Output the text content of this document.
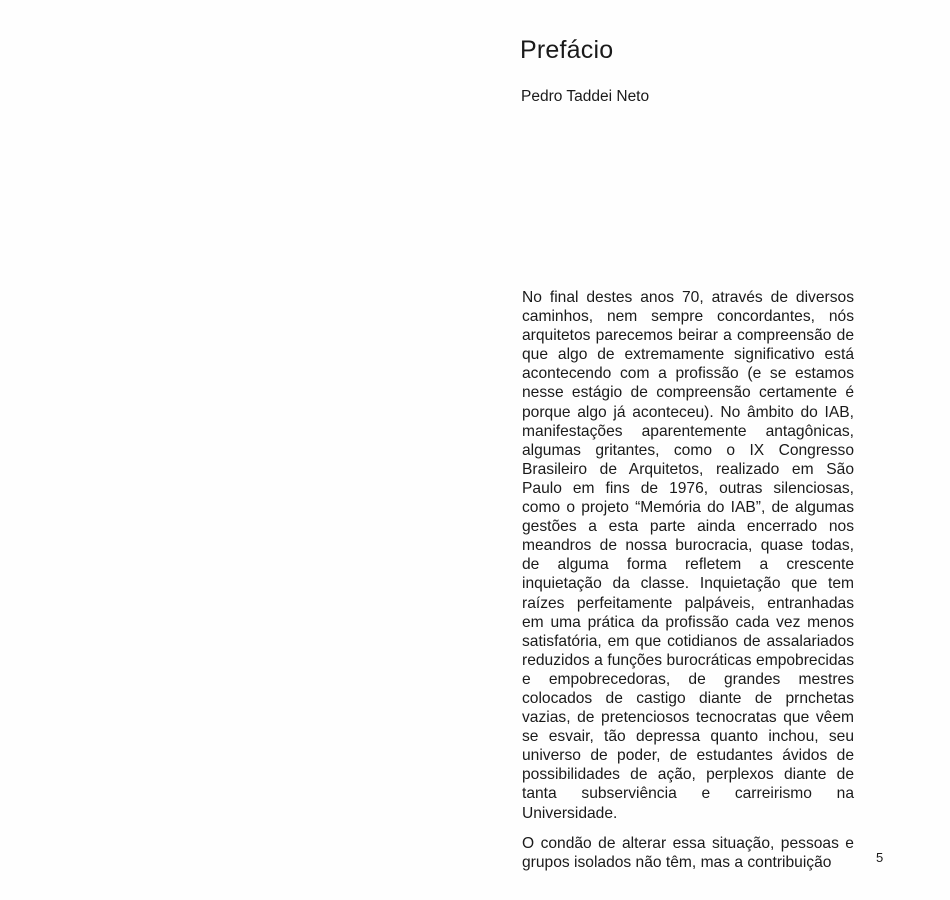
Prefácio

Pedro Taddei Neto

No final destes anos 70, através de diversos caminhos, nem sempre concordantes, nós arquitetos parecemos beirar a compreensão de que algo de extremamente significativo está acontecendo com a profissão (e se estamos nesse estágio de compreensão certamente é porque algo já aconteceu). No âmbito do IAB, manifestações aparentemente antagônicas, algumas gritantes, como o IX Congresso Brasileiro de Arquitetos, realizado em São Paulo em fins de 1976, outras silenciosas, como o projeto “Memória do IAB”, de algumas gestões a esta parte ainda encerrado nos meandros de nossa burocracia, quase todas, de alguma forma refletem a crescente inquietação da classe. Inquietação que tem raízes perfeitamente palpáveis, entranhadas em uma prática da profissão cada vez menos satisfatória, em que cotidianos de assalariados reduzidos a funções burocráticas empobrecidas e empobrecedoras, de grandes mestres colocados de castigo diante de prnchetas vazias, de pretenciosos tecnocratas que vêem se esvair, tão depressa quanto inchou, seu universo de poder, de estudantes ávidos de possibilidades de ação, perplexos diante de tanta subserviência e carreirismo na Universidade.

O condão de alterar essa situação, pessoas e grupos isolados não têm, mas a contribuição	5
